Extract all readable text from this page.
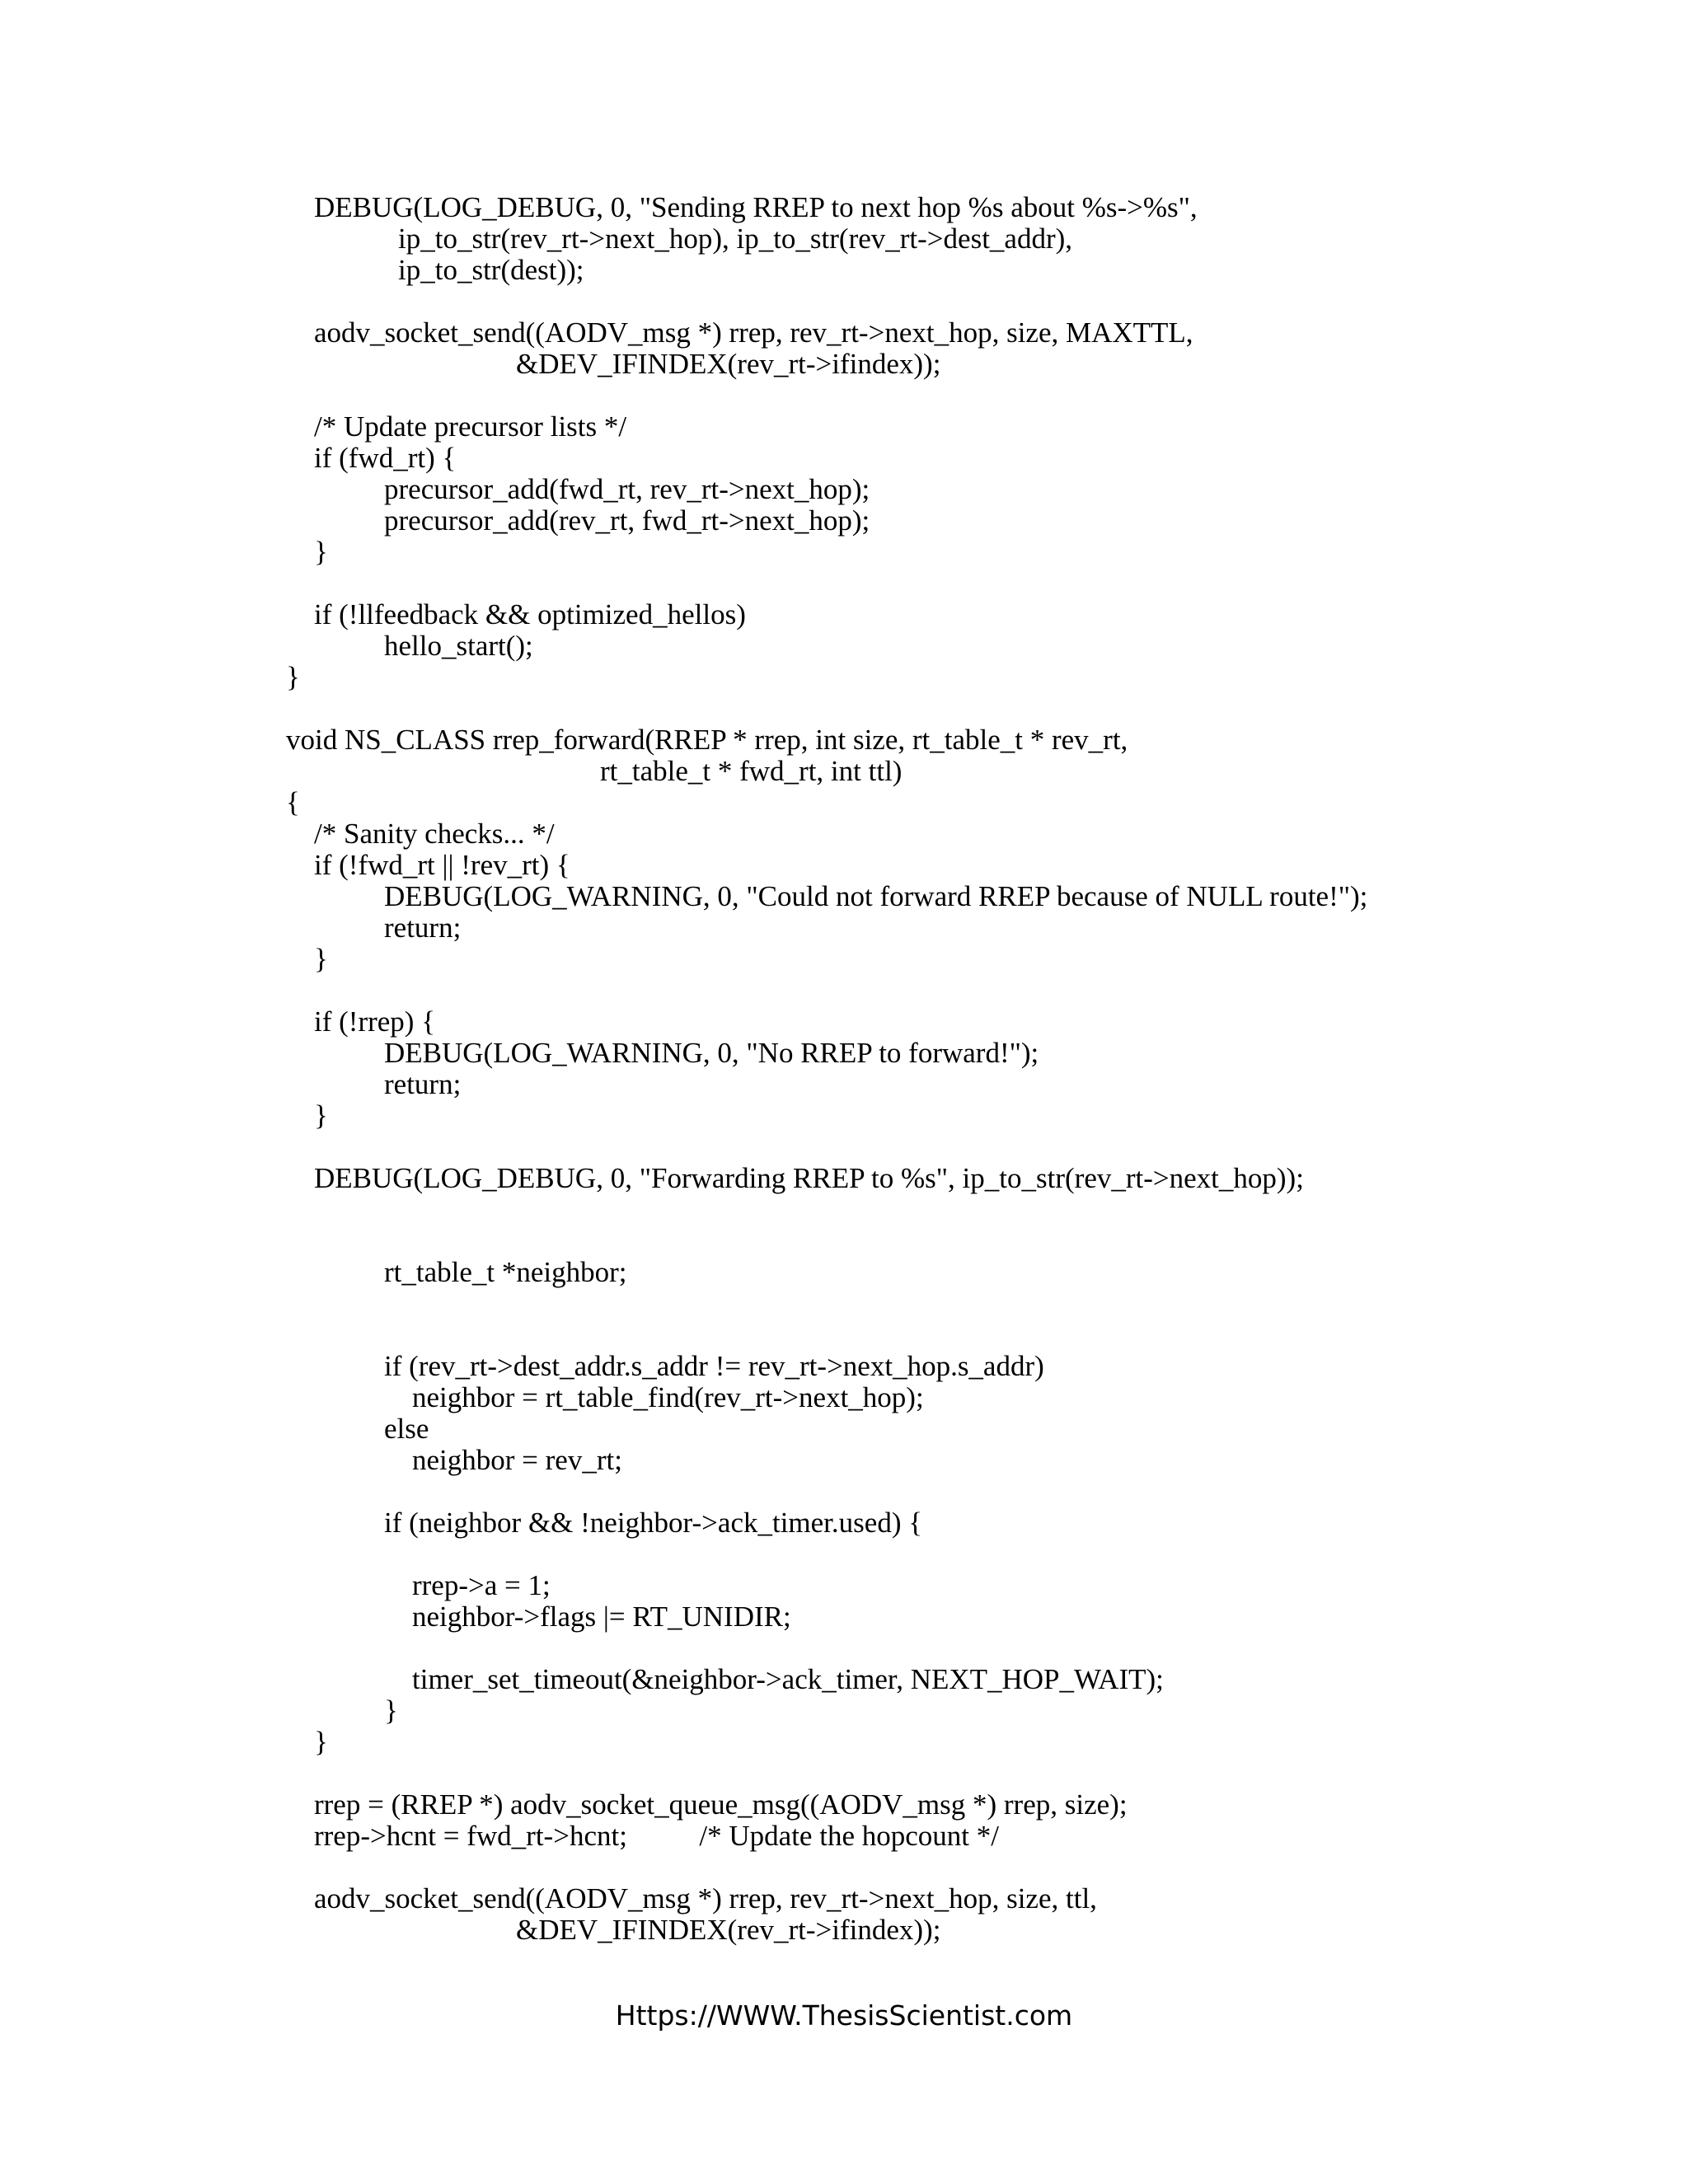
DEBUG(LOG_DEBUG, 0, "Sending RREP to next hop %s about %s->%s",
ip_to_str(rev_rt->next_hop), ip_to_str(rev_rt->dest_addr),
ip_to_str(dest));
aodv_socket_send((AODV_msg *) rrep, rev_rt->next_hop, size, MAXTTL,
&DEV_IFINDEX(rev_rt->ifindex));
/* Update precursor lists */
if (fwd_rt) {
precursor_add(fwd_rt, rev_rt->next_hop);
precursor_add(rev_rt, fwd_rt->next_hop);
}
if (!llfeedback && optimized_hellos)
hello_start();
}
void NS_CLASS rrep_forward(RREP * rrep, int size, rt_table_t * rev_rt,
rt_table_t * fwd_rt, int ttl)
{
/* Sanity checks... */
if (!fwd_rt || !rev_rt) {
DEBUG(LOG_WARNING, 0, "Could not forward RREP because of NULL route!");
return;
}
if (!rrep) {
DEBUG(LOG_WARNING, 0, "No RREP to forward!");
return;
}
DEBUG(LOG_DEBUG, 0, "Forwarding RREP to %s", ip_to_str(rev_rt->next_hop));
rt_table_t *neighbor;
if (rev_rt->dest_addr.s_addr != rev_rt->next_hop.s_addr)
neighbor = rt_table_find(rev_rt->next_hop);
else
neighbor = rev_rt;
if (neighbor && !neighbor->ack_timer.used) {
rrep->a = 1;
neighbor->flags |= RT_UNIDIR;
timer_set_timeout(&neighbor->ack_timer, NEXT_HOP_WAIT);
}
}
rrep = (RREP *) aodv_socket_queue_msg((AODV_msg *) rrep, size);
rrep->hcnt = fwd_rt->hcnt;          /* Update the hopcount */
aodv_socket_send((AODV_msg *) rrep, rev_rt->next_hop, size, ttl,
&DEV_IFINDEX(rev_rt->ifindex));
Https://WWW.ThesisScientist.com
